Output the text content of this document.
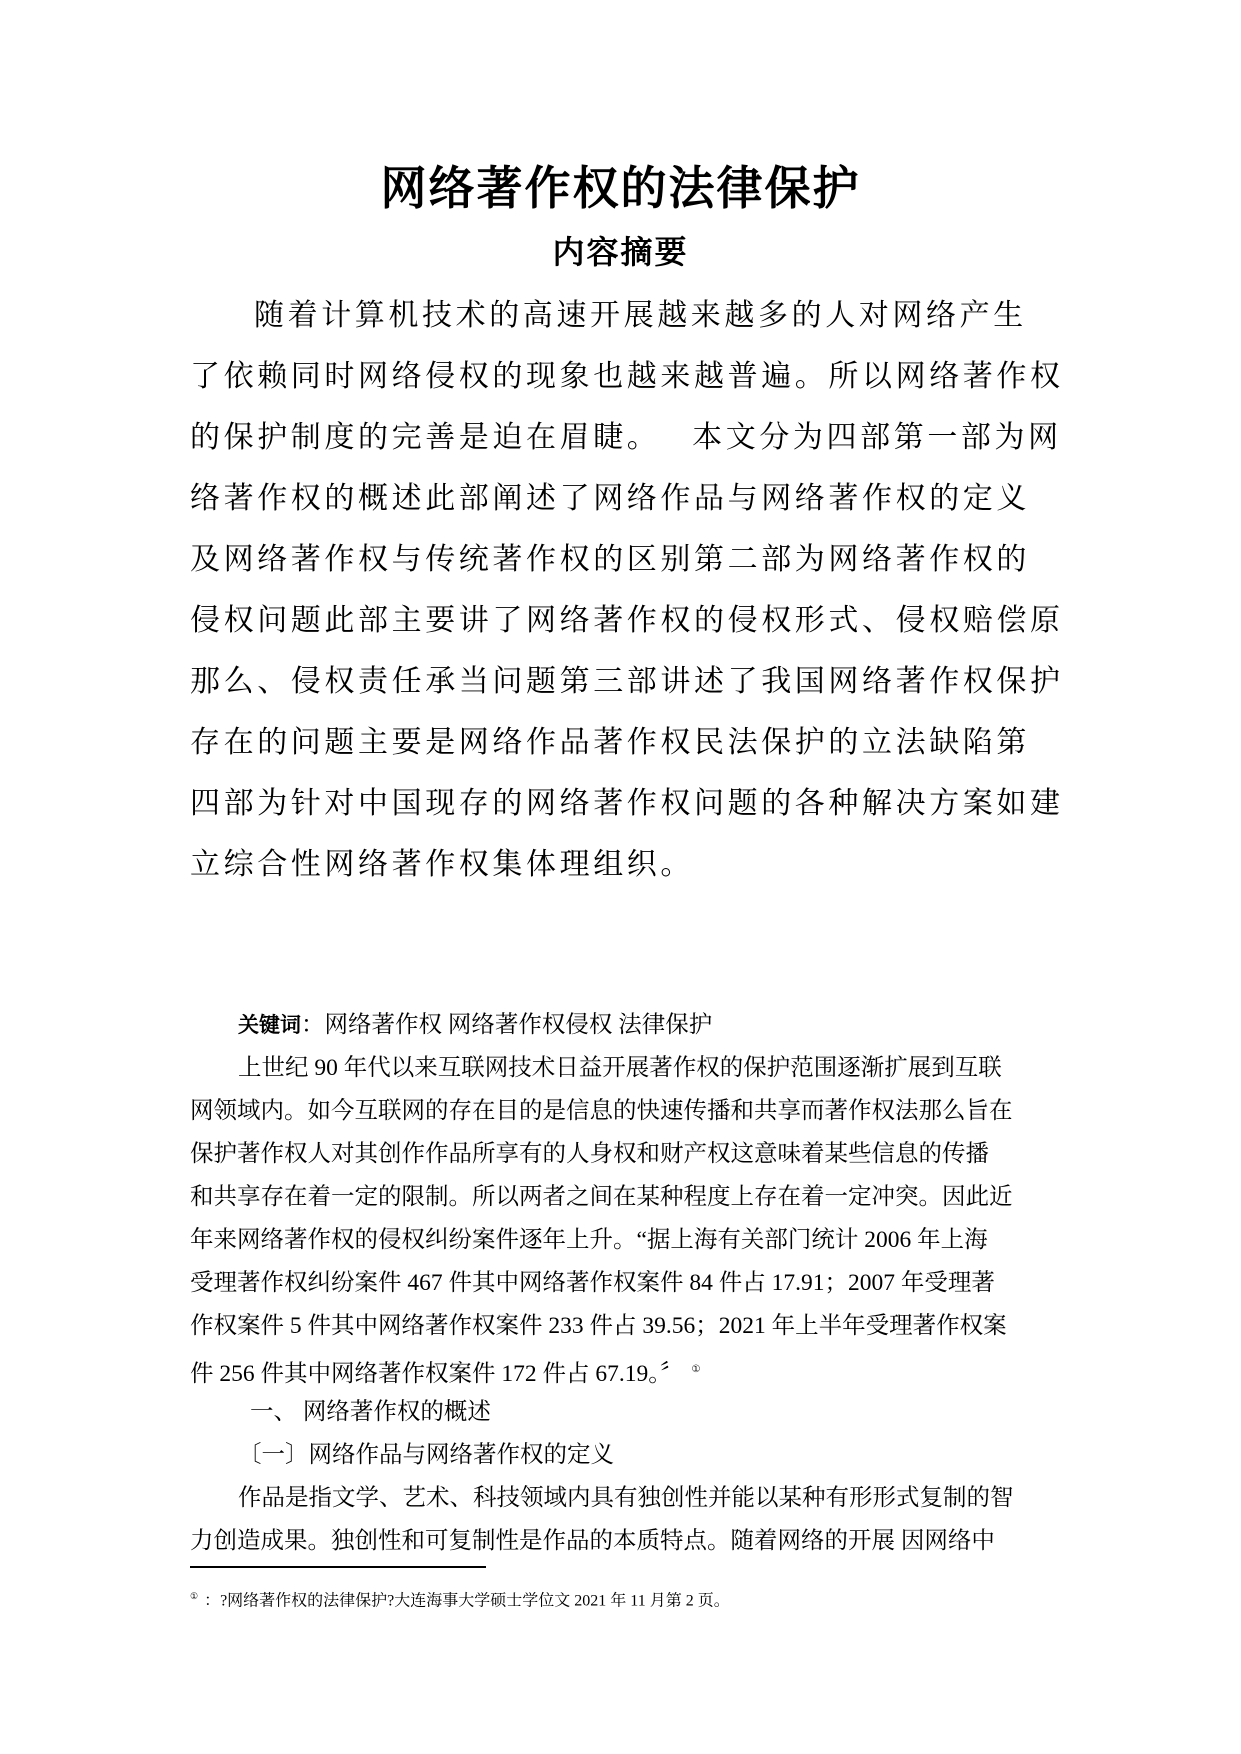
网络著作权的法律保护
内容摘要
随着计算机技术的高速开展越来越多的人对网络产生
了依赖同时网络侵权的现象也越来越普遍。所以网络著作权
的保护制度的完善是迫在眉睫。　 本文分为四部第一部为网
络著作权的概述此部阐述了网络作品与网络著作权的定义
及网络著作权与传统著作权的区别第二部为网络著作权的
侵权问题此部主要讲了网络著作权的侵权形式、侵权赔偿原
那么、侵权责任承当问题第三部讲述了我国网络著作权保护
存在的问题主要是网络作品著作权民法保护的立法缺陷第
四部为针对中国现存的网络著作权问题的各种解决方案如建
立综合性网络著作权集体理组织。
关键词：网络著作权 网络著作权侵权 法律保护
上世纪 90 年代以来互联网技术日益开展著作权的保护范围逐渐扩展到互联
网领域内。如今互联网的存在目的是信息的快速传播和共享而著作权法那么旨在
保护著作权人对其创作作品所享有的人身权和财产权这意味着某些信息的传播
和共享存在着一定的限制。所以两者之间在某种程度上存在着一定冲突。因此近
年来网络著作权的侵权纠纷案件逐年上升。“据上海有关部门统计 2006 年上海
受理著作权纠纷案件 467 件其中网络著作权案件 84 件占 17.91；2007 年受理著
作权案件 5 件其中网络著作权案件 233 件占 39.56；2021 年上半年受理著作权案
件 256 件其中网络著作权案件 172 件占 67.19。〞 ①
一、 网络著作权的概述
〔一〕网络作品与网络著作权的定义
作品是指文学、艺术、科技领域内具有独创性并能以某种有形形式复制的智
力创造成果。独创性和可复制性是作品的本质特点。随着网络的开展 因网络中
① ：?网络著作权的法律保护?大连海事大学硕士学位文 2021 年 11 月第 2 页。
